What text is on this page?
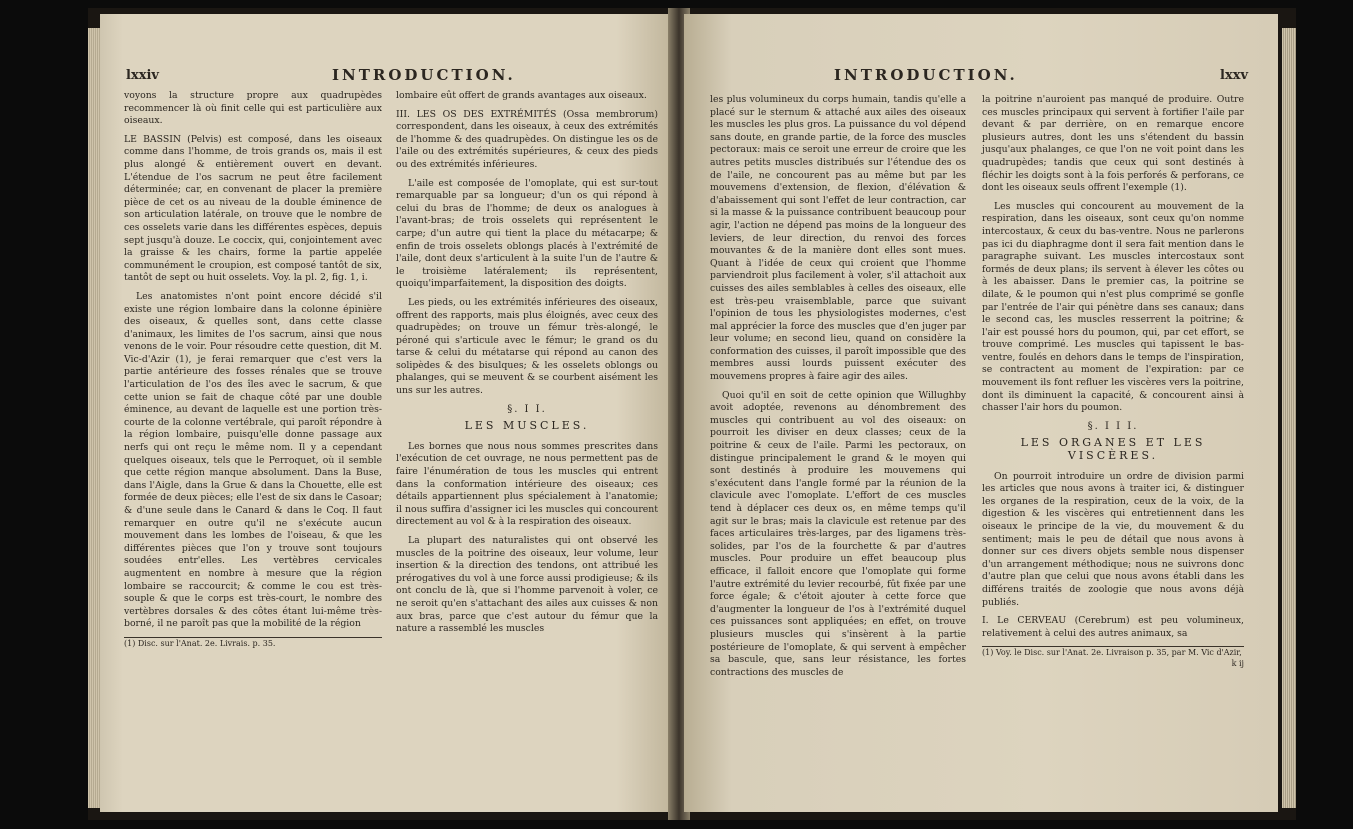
lxxiv	INTRODUCTION.

voyons la structure propre aux quadrupèdes recommencer là où finit celle qui est particulière aux oiseaux.

LE BASSIN (Pelvis) est composé, dans les oiseaux comme dans l'homme, de trois grands os, mais il est plus alongé & entièrement ouvert en devant. L'étendue de l'os sacrum ne peut être facilement déterminée; car, en convenant de placer la première pièce de cet os au niveau de la double éminence de son articulation latérale, on trouve que le nombre de ces osselets varie dans les différentes espèces, depuis sept jusqu'à douze. Le coccix, qui, conjointement avec la graisse & les chairs, forme la partie appelée communément le croupion, est composé tantôt de six, tantôt de sept ou huit osselets. Voy. la pl. 2, fig. 1, i.

Les anatomistes n'ont point encore décidé s'il existe une région lombaire dans la colonne épinière des oiseaux, & quelles sont, dans cette classe d'animaux, les limites de l'os sacrum, ainsi que nous venons de le voir. Pour résoudre cette question, dit M. Vic-d'Azir (1), je ferai remarquer que c'est vers la partie antérieure des fosses rénales que se trouve l'articulation de l'os des îles avec le sacrum, & que cette union se fait de chaque côté par une double éminence, au devant de laquelle est une portion très-courte de la colonne vertébrale, qui paroît répondre à la région lombaire, puisqu'elle donne passage aux nerfs qui ont reçu le même nom. Il y a cependant quelques oiseaux, tels que le Perroquet, où il semble que cette région manque absolument. Dans la Buse, dans l'Aigle, dans la Grue & dans la Chouette, elle est formée de deux pièces; elle l'est de six dans le Casoar; & d'une seule dans le Canard & dans le Coq. Il faut remarquer en outre qu'il ne s'exécute aucun mouvement dans les lombes de l'oiseau, & que les différentes pièces que l'on y trouve sont toujours soudées entr'elles. Les vertèbres cervicales augmentent en nombre à mesure que la région lombaire se raccourcit; & comme le cou est très-souple & que le corps est très-court, le nombre des vertèbres dorsales & des côtes étant lui-même très-borné, il ne paroît pas que la mobilité de la région

(1) Disc. sur l'Anat. 2e. Livrais. p. 35.

lombaire eût offert de grands avantages aux oiseaux.

III. LES OS DES EXTRÉMITÉS (Ossa membrorum) correspondent, dans les oiseaux, à ceux des extrémités de l'homme & des quadrupèdes. On distingue les os de l'aile ou des extrémités supérieures, & ceux des pieds ou des extrémités inférieures.

L'aile est composée de l'omoplate, qui est sur-tout remarquable par sa longueur; d'un os qui répond à celui du bras de l'homme; de deux os analogues à l'avant-bras; de trois osselets qui représentent le carpe; d'un autre qui tient la place du métacarpe; & enfin de trois osselets oblongs placés à l'extrémité de l'aile, dont deux s'articulent à la suite l'un de l'autre & le troisième latéralement; ils représentent, quoiqu'imparfaitement, la disposition des doigts.

Les pieds, ou les extrémités inférieures des oiseaux, offrent des rapports, mais plus éloignés, avec ceux des quadrupèdes; on trouve un fémur très-alongé, le péroné qui s'articule avec le fémur; le grand os du tarse & celui du métatarse qui répond au canon des solipèdes & des bisulques; & les osselets oblongs ou phalanges, qui se meuvent & se courbent aisément les uns sur les autres.

§. I I.
LES MUSCLES.

Les bornes que nous nous sommes prescrites dans l'exécution de cet ouvrage, ne nous permettent pas de faire l'énumération de tous les muscles qui entrent dans la conformation intérieure des oiseaux; ces détails appartiennent plus spécialement à l'anatomie; il nous suffira d'assigner ici les muscles qui concourent directement au vol & à la respiration des oiseaux.

La plupart des naturalistes qui ont observé les muscles de la poitrine des oiseaux, leur volume, leur insertion & la direction des tendons, ont attribué les prérogatives du vol à une force aussi prodigieuse; & ils ont conclu de là, que si l'homme parvenoit à voler, ce ne seroit qu'en s'attachant des ailes aux cuisses & non aux bras, parce que c'est autour du fémur que la nature a rassemblé les muscles

INTRODUCTION.	lxxv

les plus volumineux du corps humain, tandis qu'elle a placé sur le sternum & attaché aux ailes des oiseaux les muscles les plus gros. La puissance du vol dépend sans doute, en grande partie, de la force des muscles pectoraux: mais ce seroit une erreur de croire que les autres petits muscles distribués sur l'étendue des os de l'aile, ne concourent pas au même but par les mouvemens d'extension, de flexion, d'élévation & d'abaissement qui sont l'effet de leur contraction, car si la masse & la puissance contribuent beaucoup pour agir, l'action ne dépend pas moins de la longueur des leviers, de leur direction, du renvoi des forces mouvantes & de la manière dont elles sont mues. Quant à l'idée de ceux qui croient que l'homme parviendroit plus facilement à voler, s'il attachoit aux cuisses des ailes semblables à celles des oiseaux, elle est très-peu vraisemblable, parce que suivant l'opinion de tous les physiologistes modernes, c'est mal apprécier la force des muscles que d'en juger par leur volume; en second lieu, quand on considère la conformation des cuisses, il paroît impossible que des membres aussi lourds puissent exécuter des mouvemens propres à faire agir des ailes.

Quoi qu'il en soit de cette opinion que Willughby avoit adoptée, revenons au dénombrement des muscles qui contribuent au vol des oiseaux: on pourroit les diviser en deux classes; ceux de la poitrine & ceux de l'aile. Parmi les pectoraux, on distingue principalement le grand & le moyen qui sont destinés à produire les mouvemens qui s'exécutent dans l'angle formé par la réunion de la clavicule avec l'omoplate. L'effort de ces muscles tend à déplacer ces deux os, en même temps qu'il agit sur le bras; mais la clavicule est retenue par des faces articulaires très-larges, par des ligamens très-solides, par l'os de la fourchette & par d'autres muscles. Pour produire un effet beaucoup plus efficace, il falloit encore que l'omoplate qui forme l'autre extrémité du levier recourbé, fût fixée par une force égale; & c'étoit ajouter à cette force que d'augmenter la longueur de l'os à l'extrémité duquel ces puissances sont appliquées; en effet, on trouve plusieurs muscles qui s'insèrent à la partie postérieure de l'omoplate, & qui servent à empêcher sa bascule, que, sans leur résistance, les fortes contractions des muscles de

la poitrine n'auroient pas manqué de produire. Outre ces muscles principaux qui servent à fortifier l'aile par devant & par derrière, on en remarque encore plusieurs autres, dont les uns s'étendent du bassin jusqu'aux phalanges, ce que l'on ne voit point dans les quadrupèdes; tandis que ceux qui sont destinés à fléchir les doigts sont à la fois perforés & perforans, ce dont les oiseaux seuls offrent l'exemple (1).

Les muscles qui concourent au mouvement de la respiration, dans les oiseaux, sont ceux qu'on nomme intercostaux, & ceux du bas-ventre. Nous ne parlerons pas ici du diaphragme dont il sera fait mention dans le paragraphe suivant. Les muscles intercostaux sont formés de deux plans; ils servent à élever les côtes ou à les abaisser. Dans le premier cas, la poitrine se dilate, & le poumon qui n'est plus comprimé se gonfle par l'entrée de l'air qui pénètre dans ses canaux; dans le second cas, les muscles resserrent la poitrine; & l'air est poussé hors du poumon, qui, par cet effort, se trouve comprimé. Les muscles qui tapissent le bas-ventre, foulés en dehors dans le temps de l'inspiration, se contractent au moment de l'expiration: par ce mouvement ils font refluer les viscères vers la poitrine, dont ils diminuent la capacité, & concourent ainsi à chasser l'air hors du poumon.

§. I I I.
LES ORGANES ET LES VISCÈRES.

On pourroit introduire un ordre de division parmi les articles que nous avons à traiter ici, & distinguer les organes de la respiration, ceux de la voix, de la digestion & les viscères qui entretiennent dans les oiseaux le principe de la vie, du mouvement & du sentiment; mais le peu de détail que nous avons à donner sur ces divers objets semble nous dispenser d'un arrangement méthodique; nous ne suivrons donc d'autre plan que celui que nous avons établi dans les différens traités de zoologie que nous avons déjà publiés.

I. Le CERVEAU (Cerebrum) est peu volumineux, relativement à celui des autres animaux, sa

(1) Voy. le Disc. sur l'Anat. 2e. Livraison p. 35, par M. Vic d'Azir,
k ij
